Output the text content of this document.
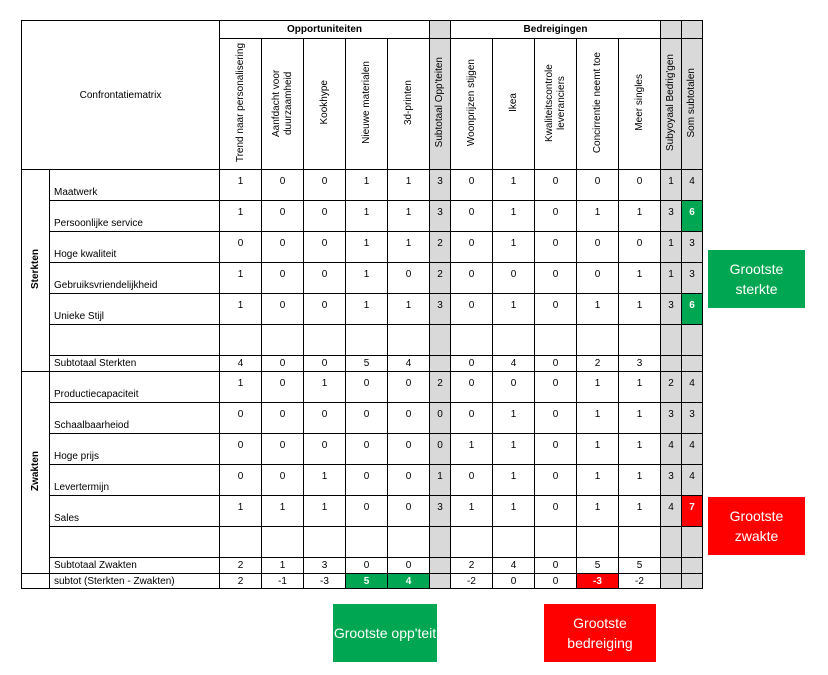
Confrontatiematrix		Opportuniteiten						Bedreigingen						
		Trend naar personalisering	Aanfdacht voor duurzaamheid	Kookhype	Nieuwe materialen	3d-printen	Subtotaal Opp'teiten	Woonprijzen stijgen	Ikea	Kwaliteitscontrole leveranciers	Concirrentie neemt toe	Meer singles	Subyoyaal Bedrig'gen	Som subtotalen
Sterkten	Maatwerk	1	0	0	1	1	3	0	1	0	0	0	1	4
	Persoonlijke service	1	0	0	1	1	3	0	1	0	1	1	3	6
	Hoge kwaliteit	0	0	0	1	1	2	0	1	0	0	0	1	3
	Gebruiksvriendelijkheid	1	0	0	1	0	2	0	0	0	0	1	1	3
	Unieke Stijl	1	0	0	1	1	3	0	1	0	1	1	3	6

	Subtotaal Sterkten	4	0	0	5	4		0	4	0	2	3		
Zwakten	Productiecapaciteit	1	0	1	0	0	2	0	0	0	1	1	2	4
	Schaalbaarheiod	0	0	0	0	0	0	0	1	0	1	1	3	3
	Hoge prijs	0	0	0	0	0	0	1	1	0	1	1	4	4
	Levertermijn	0	0	1	0	0	1	0	1	0	1	1	3	4
	Sales	1	1	1	0	0	3	1	1	0	1	1	4	7

	Subtotaal Zwakten	2	1	3	0	0		2	4	0	5	5		
	subtot (Sterkten - Zwakten)	2	-1	-3	5	4		-2	0	0	-3	-2		
Grootste sterkte
Grootste zwakte
Grootste opp'teit
Grootste bedreiging
